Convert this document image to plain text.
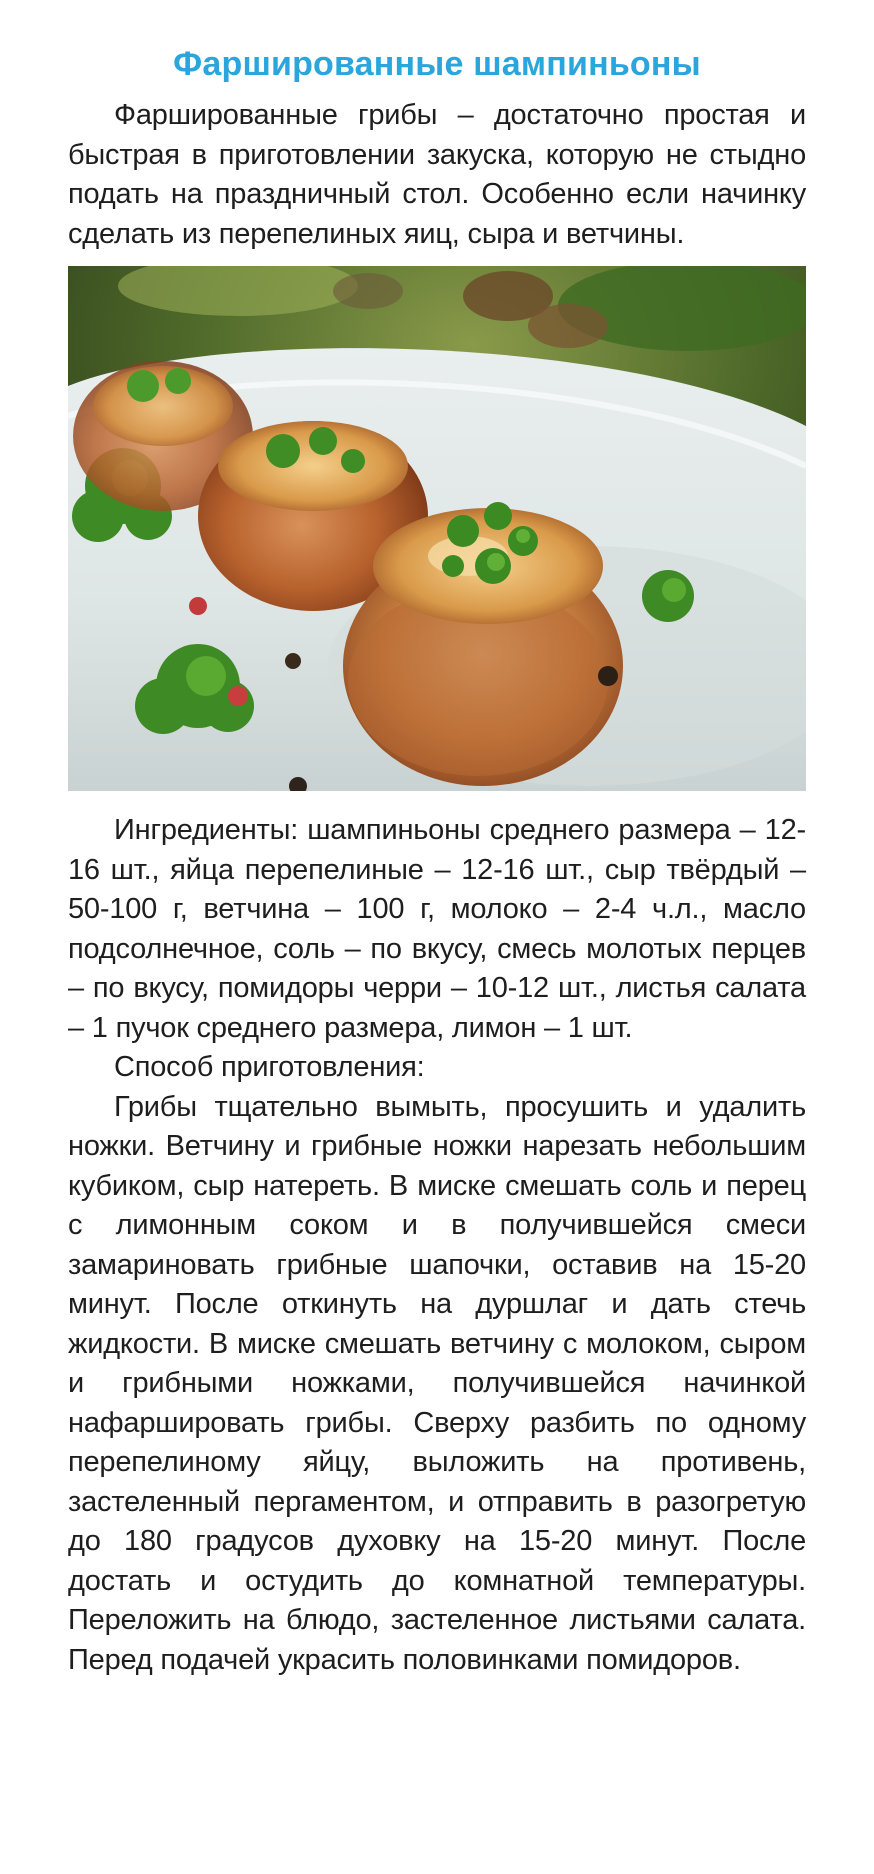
Фаршированные шампиньоны

Фаршированные грибы – достаточно простая и быстрая в приготовлении закуска, которую не стыдно подать на праздничный стол. Особенно если начинку сделать из перепелиных яиц, сыра и ветчины.

Ингредиенты: шампиньоны среднего размера – 12-16 шт., яйца перепелиные – 12-16 шт., сыр твёрдый – 50-100 г, ветчина – 100 г, молоко – 2-4 ч.л., масло подсолнечное, соль – по вкусу, смесь молотых перцев – по вкусу, помидоры черри – 10-12 шт., листья салата – 1 пучок среднего размера, лимон – 1 шт.

Способ приготовления:

Грибы тщательно вымыть, просушить и удалить ножки. Ветчину и грибные ножки нарезать небольшим кубиком, сыр натереть. В миске смешать соль и перец с лимонным соком и в получившейся смеси замариновать грибные шапочки, оставив на 15-20 минут. После откинуть на дуршлаг и дать стечь жидкости. В миске смешать ветчину с молоком, сыром и грибными ножками, получившейся начинкой нафаршировать грибы. Сверху разбить по одному перепелиному яйцу, выложить на противень, застеленный пергаментом, и отправить в разогретую до 180 градусов духовку на 15-20 минут. После достать и остудить до комнатной температуры. Переложить на блюдо, застеленное листьями салата. Перед подачей украсить половинками помидоров.
